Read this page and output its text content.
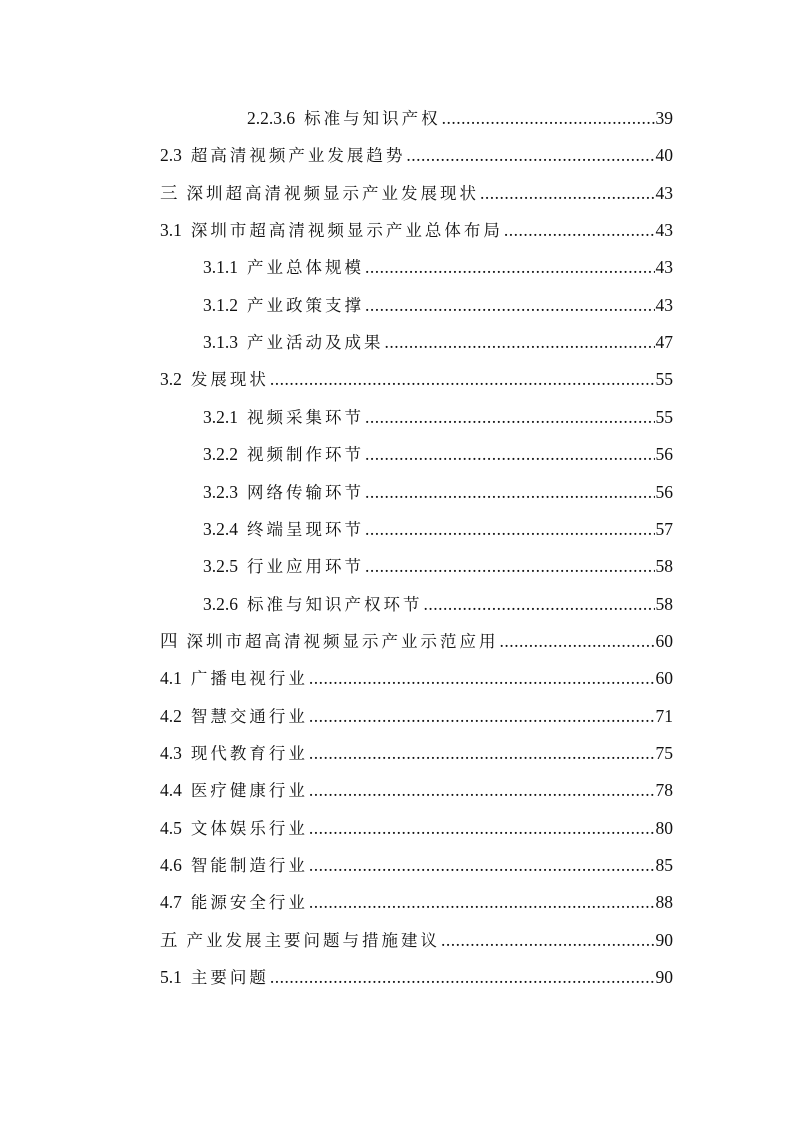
2.2.3.6 标准与知识产权 .....	39
2.3 超高清视频产业发展趋势 .....	40
三 深圳超高清视频显示产业发展现状 .....	43
3.1 深圳市超高清视频显示产业总体布局 .....	43
3.1.1 产业总体规模 .....	43
3.1.2 产业政策支撑 .....	43
3.1.3 产业活动及成果 .....	47
3.2 发展现状 .....	55
3.2.1 视频采集环节 .....	55
3.2.2 视频制作环节 .....	56
3.2.3 网络传输环节 .....	56
3.2.4 终端呈现环节 .....	57
3.2.5 行业应用环节 .....	58
3.2.6 标准与知识产权环节 .....	58
四 深圳市超高清视频显示产业示范应用 .....	60
4.1 广播电视行业 .....	60
4.2 智慧交通行业 .....	71
4.3 现代教育行业 .....	75
4.4 医疗健康行业 .....	78
4.5 文体娱乐行业 .....	80
4.6 智能制造行业 .....	85
4.7 能源安全行业 .....	88
五 产业发展主要问题与措施建议 .....	90
5.1 主要问题 .....	90
